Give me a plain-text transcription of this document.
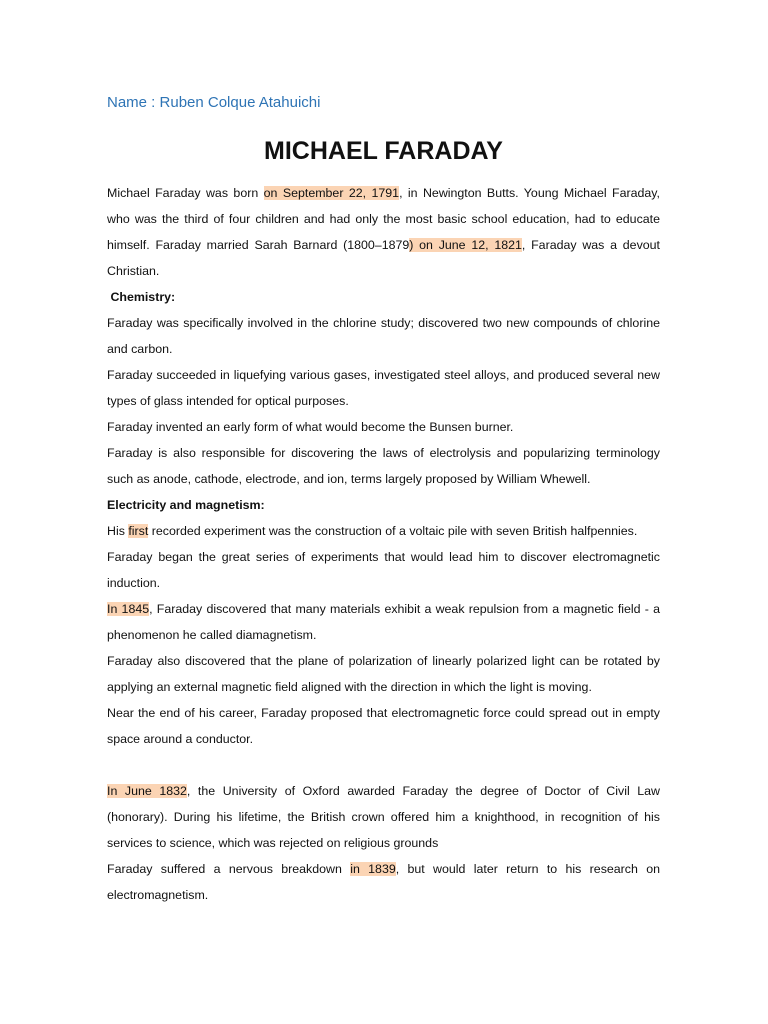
Name : Ruben Colque Atahuichi
MICHAEL FARADAY

Michael Faraday was born on September 22, 1791, in Newington Butts. Young Michael Faraday, who was the third of four children and had only the most basic school education, had to educate himself. Faraday married Sarah Barnard (1800–1879) on June 12, 1821, Faraday was a devout Christian.

Chemistry:

Faraday was specifically involved in the chlorine study; discovered two new compounds of chlorine and carbon.

Faraday succeeded in liquefying various gases, investigated steel alloys, and produced several new types of glass intended for optical purposes.

Faraday invented an early form of what would become the Bunsen burner.

Faraday is also responsible for discovering the laws of electrolysis and popularizing terminology such as anode, cathode, electrode, and ion, terms largely proposed by William Whewell.

Electricity and magnetism:

His first recorded experiment was the construction of a voltaic pile with seven British halfpennies.

Faraday began the great series of experiments that would lead him to discover electromagnetic induction.

In 1845, Faraday discovered that many materials exhibit a weak repulsion from a magnetic field - a phenomenon he called diamagnetism.

Faraday also discovered that the plane of polarization of linearly polarized light can be rotated by applying an external magnetic field aligned with the direction in which the light is moving.

Near the end of his career, Faraday proposed that electromagnetic force could spread out in empty space around a conductor.

In June 1832, the University of Oxford awarded Faraday the degree of Doctor of Civil Law (honorary). During his lifetime, the British crown offered him a knighthood, in recognition of his services to science, which was rejected on religious grounds

Faraday suffered a nervous breakdown in 1839, but would later return to his research on electromagnetism.
